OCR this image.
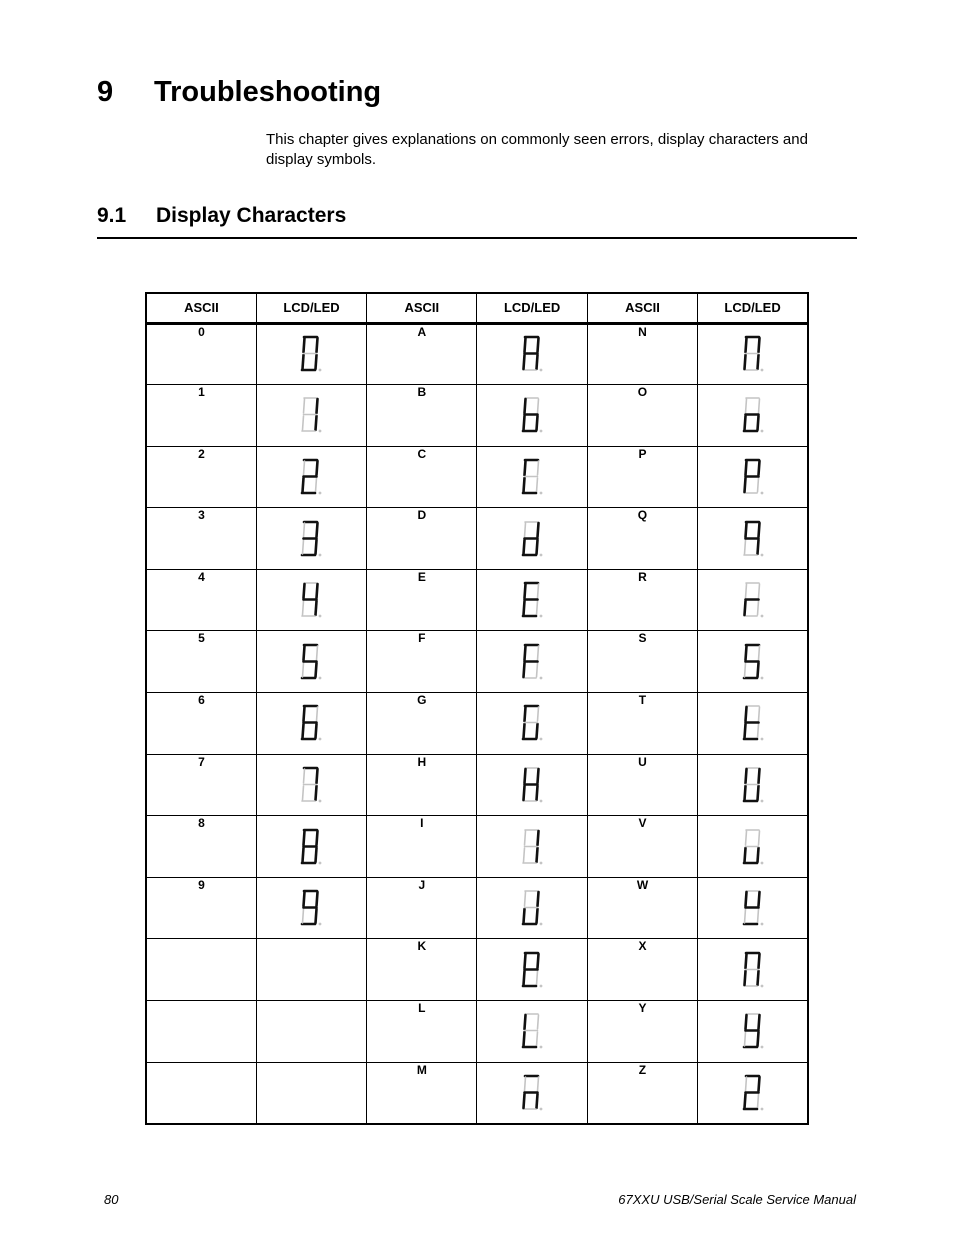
9 Troubleshooting

This chapter gives explanations on commonly seen errors, display characters and display symbols.

9.1 Display Characters
ASCII	LCD/LED	ASCII	LCD/LED	ASCII	LCD/LED
0		A		N	

1		B		O	

2		C		P	

3		D		Q	

4		E		R	

5		F		S	

6		G		T	

7		H		U	

8		I		V	

9		J		W	

		K		X	

		L		Y	

		M		Z	
80	67XXU USB/Serial Scale Service Manual
